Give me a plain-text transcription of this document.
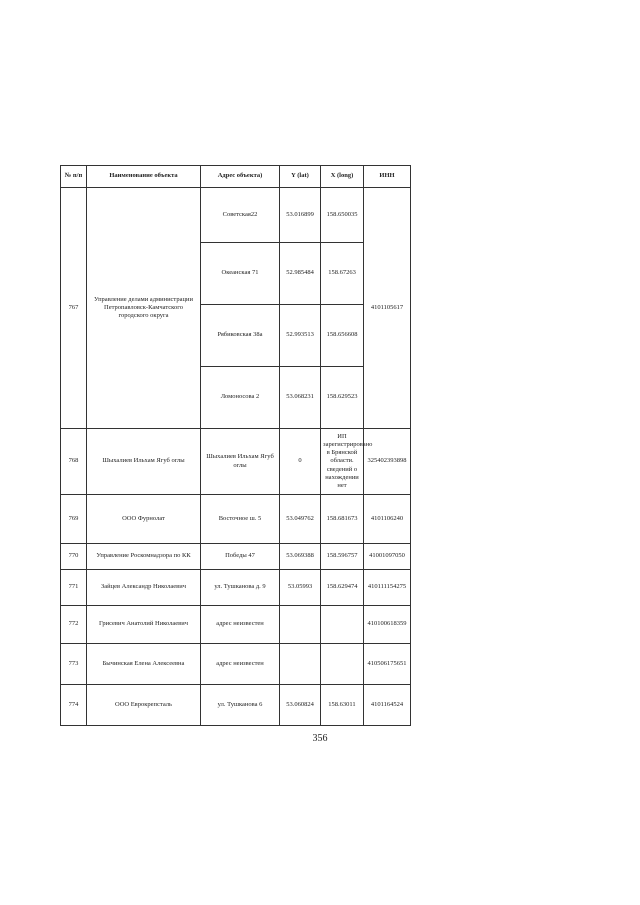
№ п/п	Наименование объекта	Адрес объекта)	Y (lat)	X (long)	ИНН
767	Управление делами администрации Петропавловск-Камчатского городского округа	Советская22	53.016899	158.650035	4101105617
		Океанская 71	52.985484	158.67263	
		Рябиковская 38а	52.993513	158.656608	
		Ломоносова 2	53.068231	158.629523	
768	Шыхалиев Ильхам Ягуб оглы	Шыхалиев Ильхам Ягуб оглы	0	ИП зарегистрировано в Брянской области. сведений о нахождении нет	325402393898
769	ООО Фурнолат	Восточное ш. 5	53.049762	158.681673	4101106240
770	Управление Роскомнадзора по КК	Победы 47	53.069388	158.596757	41001097050
771	Зайцев Александр Николаевич	ул. Тушканова д. 9	53.05993	158.629474	410111154275
772	Грисевич Анатолий Николаевич	адрес неизвестен			410100618359
773	Бычинская Елена Алексеевна	адрес неизвестен			410506175651
774	ООО Еврокрепсталь	ул. Тушканова 6	53.060824	158.63011	4101164524
356
